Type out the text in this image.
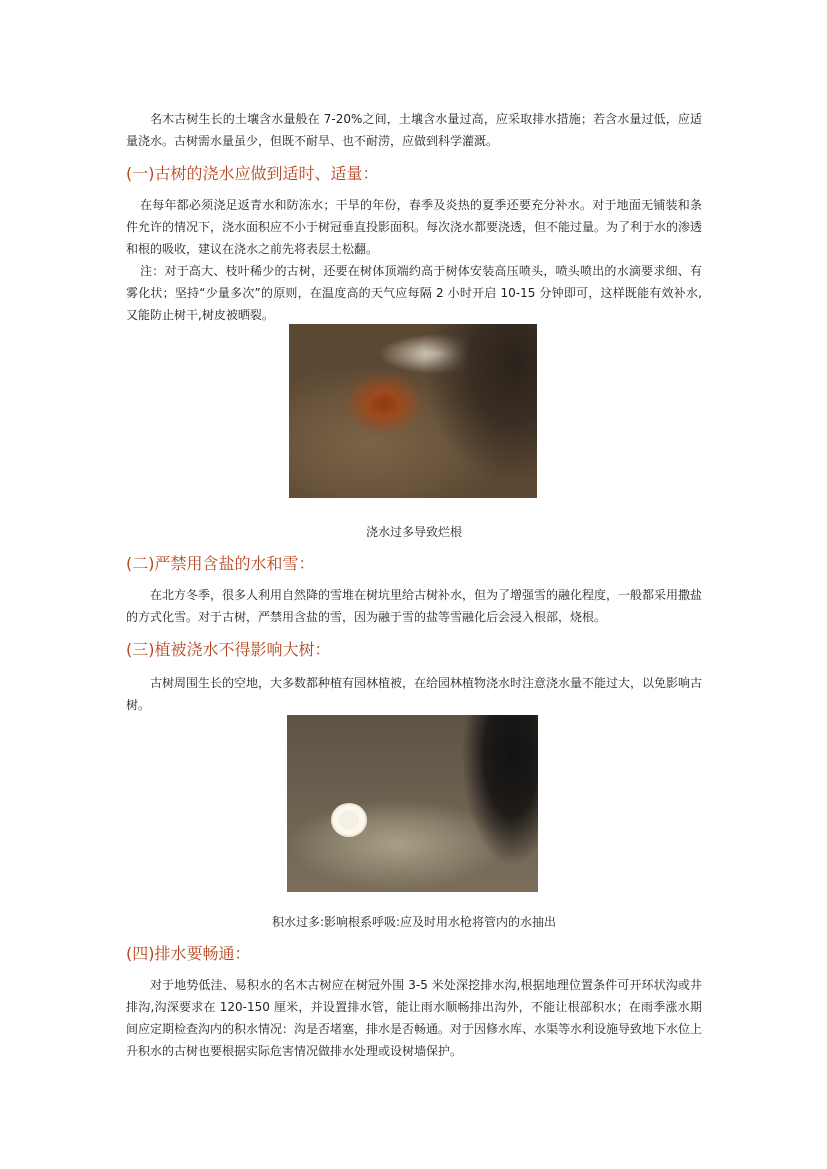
名木古树生长的土壤含水量般在 7-20%之间，土壤含水量过高，应采取排水措施；若含水量过低，应适量浇水。古树需水量虽少，但既不耐旱、也不耐涝，应做到科学灌溉。

(一)古树的浇水应做到适时、适量：

在每年都必须浇足返青水和防冻水；干旱的年份，春季及炎热的夏季还要充分补水。对于地面无铺装和条件允许的情况下，浇水面积应不小于树冠垂直投影面积。每次浇水都要浇透，但不能过量。为了利于水的渗透和根的吸收，建议在浇水之前先将表层土松翻。

注：对于高大、枝叶稀少的古树，还要在树体顶端约高于树体安装高压喷头，喷头喷出的水滴要求细、有雾化状；坚持“少量多次”的原则，在温度高的天气应每隔 2 小时开启 10-15 分钟即可，这样既能有效补水,又能防止树干,树皮被晒裂。

浇水过多导致烂根
(二)严禁用含盐的水和雪：

在北方冬季，很多人利用自然降的雪堆在树坑里给古树补水，但为了增强雪的融化程度，一般都采用撒盐的方式化雪。对于古树，严禁用含盐的雪，因为融于雪的盐等雪融化后会浸入根部，烧根。

(三)植被浇水不得影响大树：

古树周围生长的空地，大多数都种植有园林植被，在给园林植物浇水时注意浇水量不能过大，以免影响古树。

积水过多:影响根系呼吸:应及时用水枪将管内的水抽出
(四)排水要畅通：

对于地势低洼、易积水的名木古树应在树冠外围 3-5 米处深挖排水沟,根据地理位置条件可开环状沟或井排沟,沟深要求在 120-150 厘米，并设置排水管，能让雨水顺畅排出沟外，不能让根部积水；在雨季涨水期间应定期检查沟内的积水情况：沟是否堵塞，排水是否畅通。对于因修水库、水渠等水利设施导致地下水位上升积水的古树也要根据实际危害情况做排水处理或设树墙保护。
